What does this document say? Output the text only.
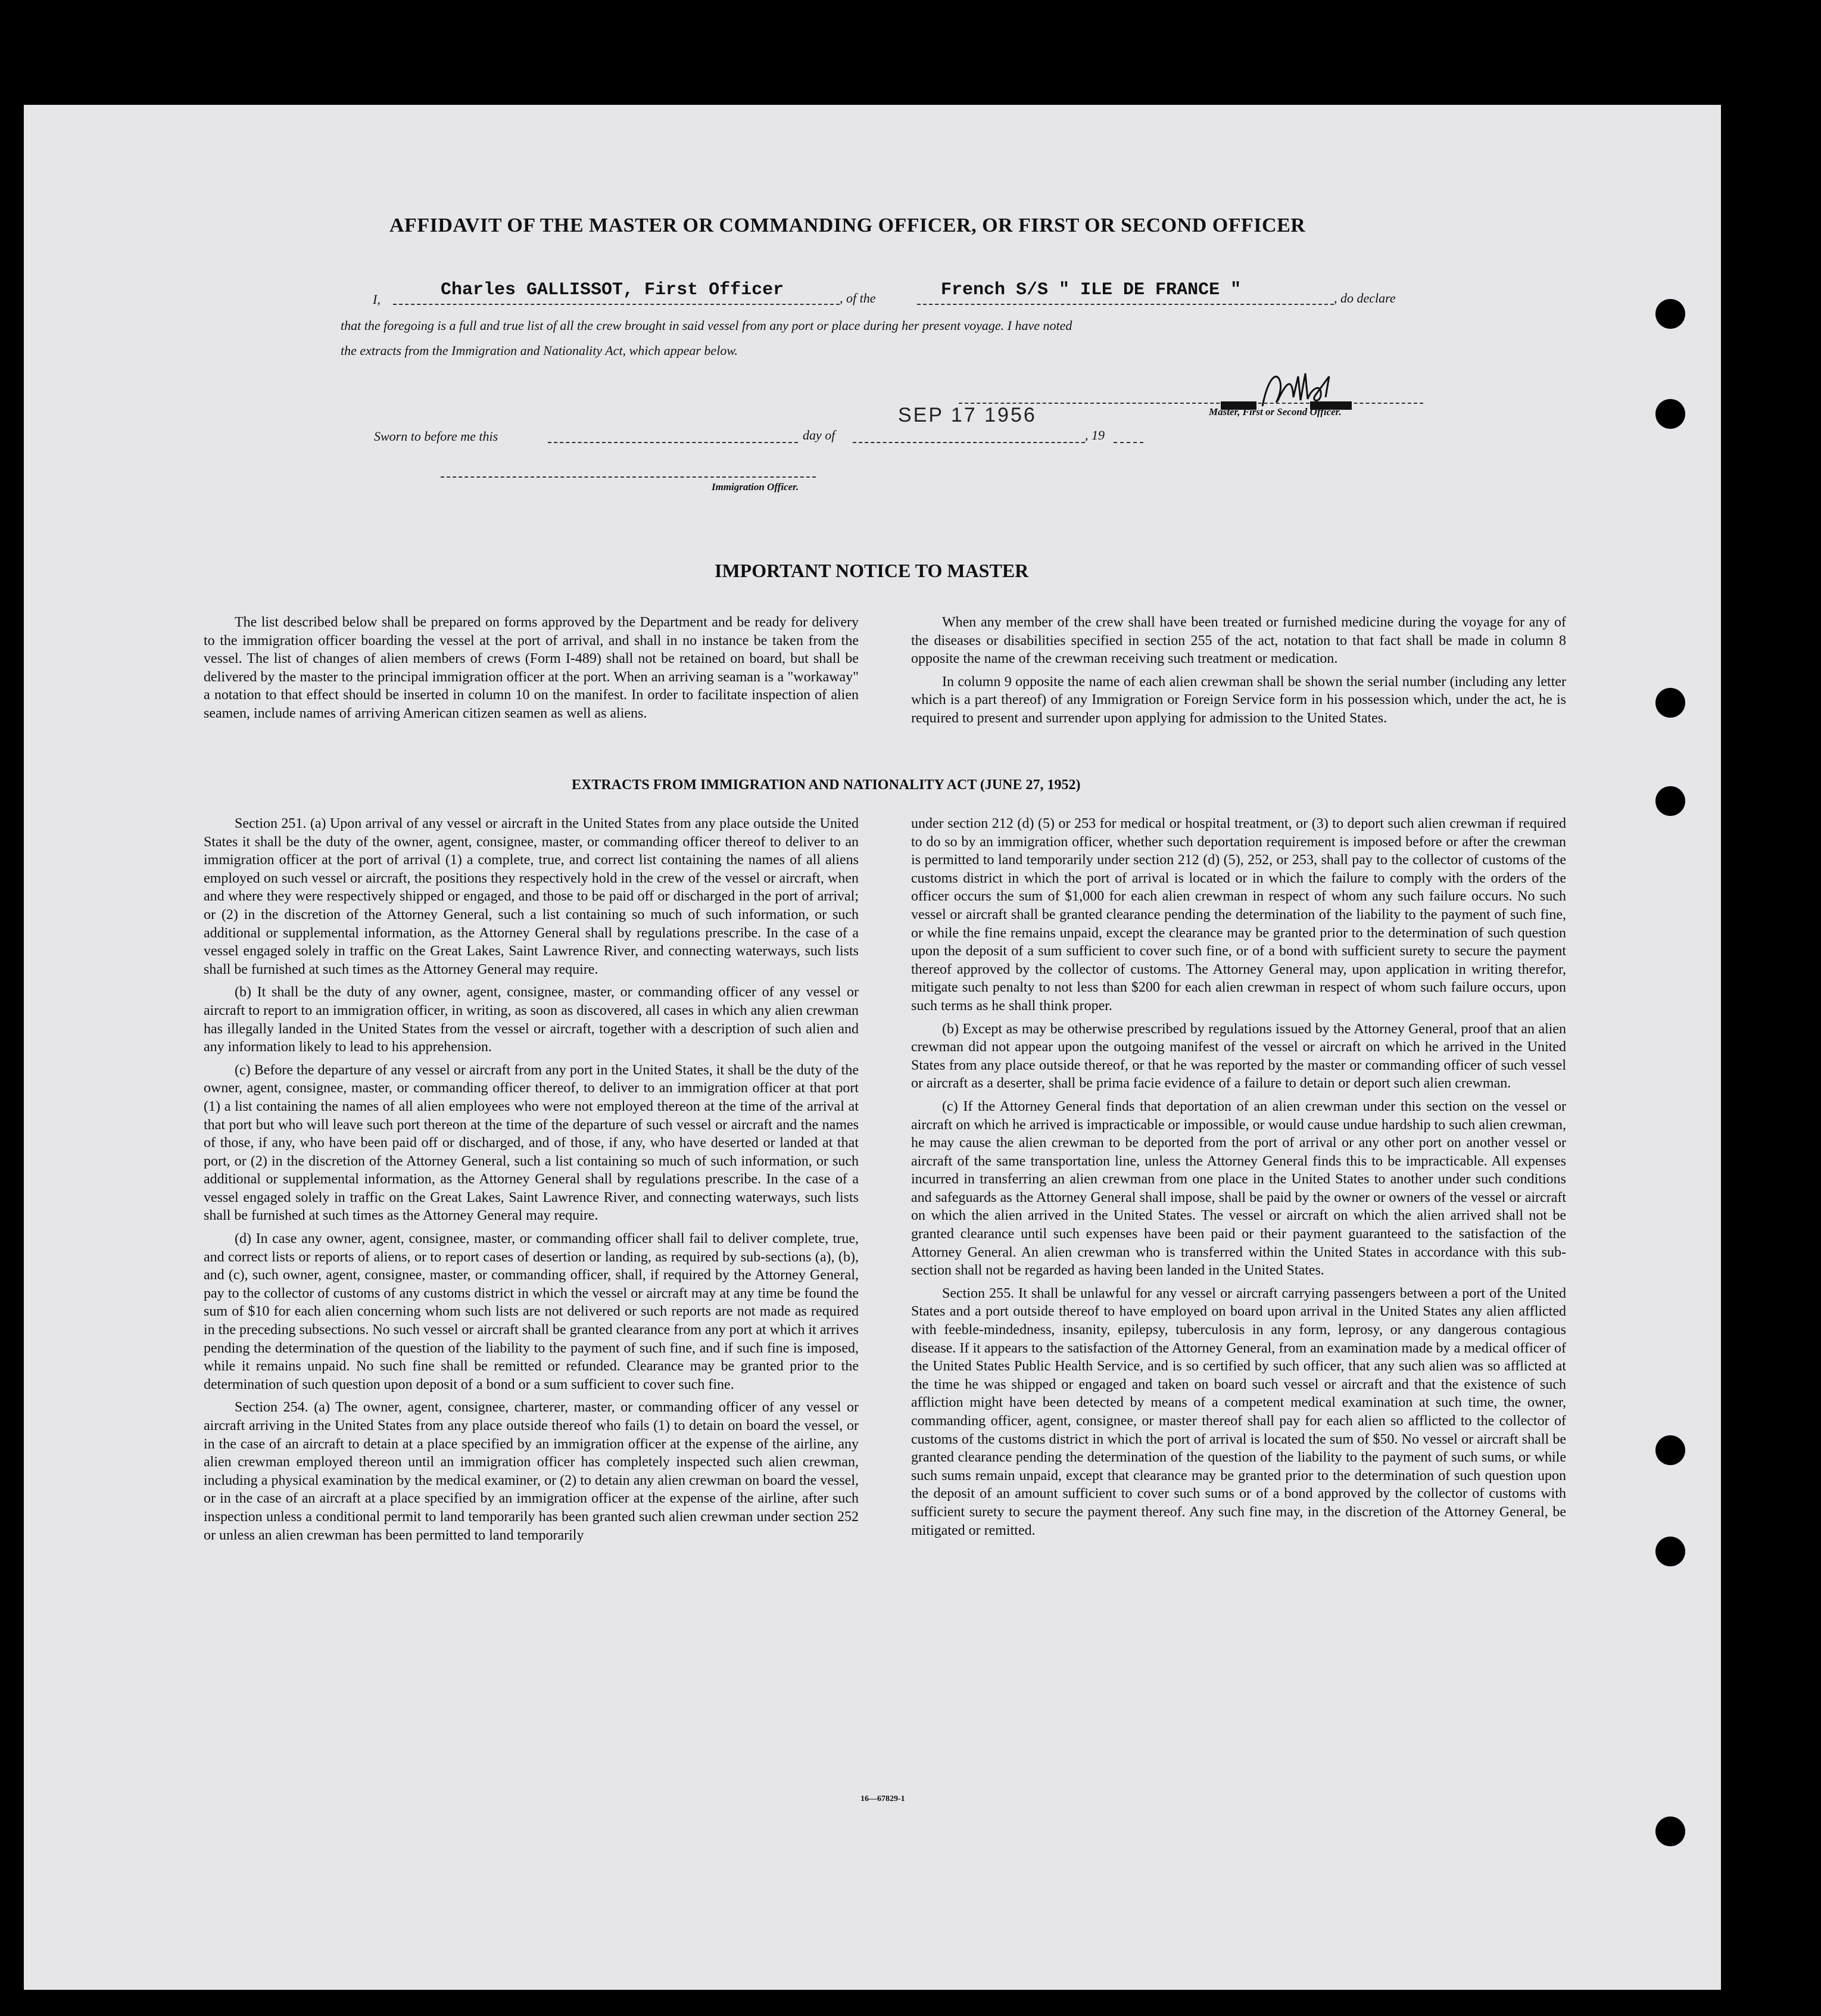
AFFIDAVIT OF THE MASTER OR COMMANDING OFFICER, OR FIRST OR SECOND OFFICER
I,	Charles GALLISSOT, First Officer	, of the	French S/S " ILE DE FRANCE "	, do declare
that the foregoing is a full and true list of all the crew brought in said vessel from any port or place during her present voyage. I have noted
the extracts from the Immigration and Nationality Act, which appear below.
Sworn to before me this	day of
SEP 17 1956
, 19
Master, First or Second Officer.
Immigration Officer.
IMPORTANT NOTICE TO MASTER

The list described below shall be prepared on forms approved by the Department and be ready for delivery to the immigration officer boarding the vessel at the port of arrival, and shall in no instance be taken from the vessel. The list of changes of alien members of crews (Form I-489) shall not be retained on board, but shall be delivered by the master to the principal immigration officer at the port. When an arriving seaman is a "workaway" a notation to that effect should be inserted in column 10 on the manifest. In order to facilitate inspection of alien seamen, include names of arriving American citizen seamen as well as aliens.

When any member of the crew shall have been treated or furnished medicine during the voyage for any of the diseases or disabilities specified in section 255 of the act, notation to that fact shall be made in column 8 opposite the name of the crewman receiving such treatment or medication.

In column 9 opposite the name of each alien crewman shall be shown the serial number (including any letter which is a part thereof) of any Immigration or Foreign Service form in his possession which, under the act, he is required to present and surrender upon applying for admission to the United States.

EXTRACTS FROM IMMIGRATION AND NATIONALITY ACT (JUNE 27, 1952)

Section 251. (a) Upon arrival of any vessel or aircraft in the United States from any place outside the United States it shall be the duty of the owner, agent, consignee, master, or commanding officer thereof to deliver to an immigration officer at the port of arrival (1) a complete, true, and correct list containing the names of all aliens employed on such vessel or aircraft, the positions they respectively hold in the crew of the vessel or aircraft, when and where they were respectively shipped or engaged, and those to be paid off or discharged in the port of arrival; or (2) in the discretion of the Attorney General, such a list containing so much of such information, or such additional or supplemental information, as the Attorney General shall by regulations prescribe. In the case of a vessel engaged solely in traffic on the Great Lakes, Saint Lawrence River, and connecting waterways, such lists shall be furnished at such times as the Attorney General may require.

(b) It shall be the duty of any owner, agent, consignee, master, or commanding officer of any vessel or aircraft to report to an immigration officer, in writing, as soon as discovered, all cases in which any alien crewman has illegally landed in the United States from the vessel or aircraft, together with a description of such alien and any information likely to lead to his apprehension.

(c) Before the departure of any vessel or aircraft from any port in the United States, it shall be the duty of the owner, agent, consignee, master, or commanding officer thereof, to deliver to an immigration officer at that port (1) a list containing the names of all alien employees who were not employed thereon at the time of the arrival at that port but who will leave such port thereon at the time of the departure of such vessel or aircraft and the names of those, if any, who have been paid off or discharged, and of those, if any, who have deserted or landed at that port, or (2) in the discretion of the Attorney General, such a list containing so much of such information, or such additional or supplemental information, as the Attorney General shall by regulations prescribe. In the case of a vessel engaged solely in traffic on the Great Lakes, Saint Lawrence River, and connecting waterways, such lists shall be furnished at such times as the Attorney General may require.

(d) In case any owner, agent, consignee, master, or commanding officer shall fail to deliver complete, true, and correct lists or reports of aliens, or to report cases of desertion or landing, as required by sub-sections (a), (b), and (c), such owner, agent, consignee, master, or commanding officer, shall, if required by the Attorney General, pay to the collector of customs of any customs district in which the vessel or aircraft may at any time be found the sum of $10 for each alien concerning whom such lists are not delivered or such reports are not made as required in the preceding subsections. No such vessel or aircraft shall be granted clearance from any port at which it arrives pending the determination of the question of the liability to the payment of such fine, and if such fine is imposed, while it remains unpaid. No such fine shall be remitted or refunded. Clearance may be granted prior to the determination of such question upon deposit of a bond or a sum sufficient to cover such fine.

Section 254. (a) The owner, agent, consignee, charterer, master, or commanding officer of any vessel or aircraft arriving in the United States from any place outside thereof who fails (1) to detain on board the vessel, or in the case of an aircraft to detain at a place specified by an immigration officer at the expense of the airline, any alien crewman employed thereon until an immigration officer has completely inspected such alien crewman, including a physical examination by the medical examiner, or (2) to detain any alien crewman on board the vessel, or in the case of an aircraft at a place specified by an immigration officer at the expense of the airline, after such inspection unless a conditional permit to land temporarily has been granted such alien crewman under section 252 or unless an alien crewman has been permitted to land temporarily

under section 212 (d) (5) or 253 for medical or hospital treatment, or (3) to deport such alien crewman if required to do so by an immigration officer, whether such deportation requirement is imposed before or after the crewman is permitted to land temporarily under section 212 (d) (5), 252, or 253, shall pay to the collector of customs of the customs district in which the port of arrival is located or in which the failure to comply with the orders of the officer occurs the sum of $1,000 for each alien crewman in respect of whom any such failure occurs. No such vessel or aircraft shall be granted clearance pending the determination of the liability to the payment of such fine, or while the fine remains unpaid, except the clearance may be granted prior to the determination of such question upon the deposit of a sum sufficient to cover such fine, or of a bond with sufficient surety to secure the payment thereof approved by the collector of customs. The Attorney General may, upon application in writing therefor, mitigate such penalty to not less than $200 for each alien crewman in respect of whom such failure occurs, upon such terms as he shall think proper.

(b) Except as may be otherwise prescribed by regulations issued by the Attorney General, proof that an alien crewman did not appear upon the outgoing manifest of the vessel or aircraft on which he arrived in the United States from any place outside thereof, or that he was reported by the master or commanding officer of such vessel or aircraft as a deserter, shall be prima facie evidence of a failure to detain or deport such alien crewman.

(c) If the Attorney General finds that deportation of an alien crewman under this section on the vessel or aircraft on which he arrived is impracticable or impossible, or would cause undue hardship to such alien crewman, he may cause the alien crewman to be deported from the port of arrival or any other port on another vessel or aircraft of the same transportation line, unless the Attorney General finds this to be impracticable. All expenses incurred in transferring an alien crewman from one place in the United States to another under such conditions and safeguards as the Attorney General shall impose, shall be paid by the owner or owners of the vessel or aircraft on which the alien arrived in the United States. The vessel or aircraft on which the alien arrived shall not be granted clearance until such expenses have been paid or their payment guaranteed to the satisfaction of the Attorney General. An alien crewman who is transferred within the United States in accordance with this sub-section shall not be regarded as having been landed in the United States.

Section 255. It shall be unlawful for any vessel or aircraft carrying passengers between a port of the United States and a port outside thereof to have employed on board upon arrival in the United States any alien afflicted with feeble-mindedness, insanity, epilepsy, tuberculosis in any form, leprosy, or any dangerous contagious disease. If it appears to the satisfaction of the Attorney General, from an examination made by a medical officer of the United States Public Health Service, and is so certified by such officer, that any such alien was so afflicted at the time he was shipped or engaged and taken on board such vessel or aircraft and that the existence of such affliction might have been detected by means of a competent medical examination at such time, the owner, commanding officer, agent, consignee, or master thereof shall pay for each alien so afflicted to the collector of customs of the customs district in which the port of arrival is located the sum of $50. No vessel or aircraft shall be granted clearance pending the determination of the question of the liability to the payment of such sums, or while such sums remain unpaid, except that clearance may be granted prior to the determination of such question upon the deposit of an amount sufficient to cover such sums or of a bond approved by the collector of customs with sufficient surety to secure the payment thereof. Any such fine may, in the discretion of the Attorney General, be mitigated or remitted.

16—67829-1
